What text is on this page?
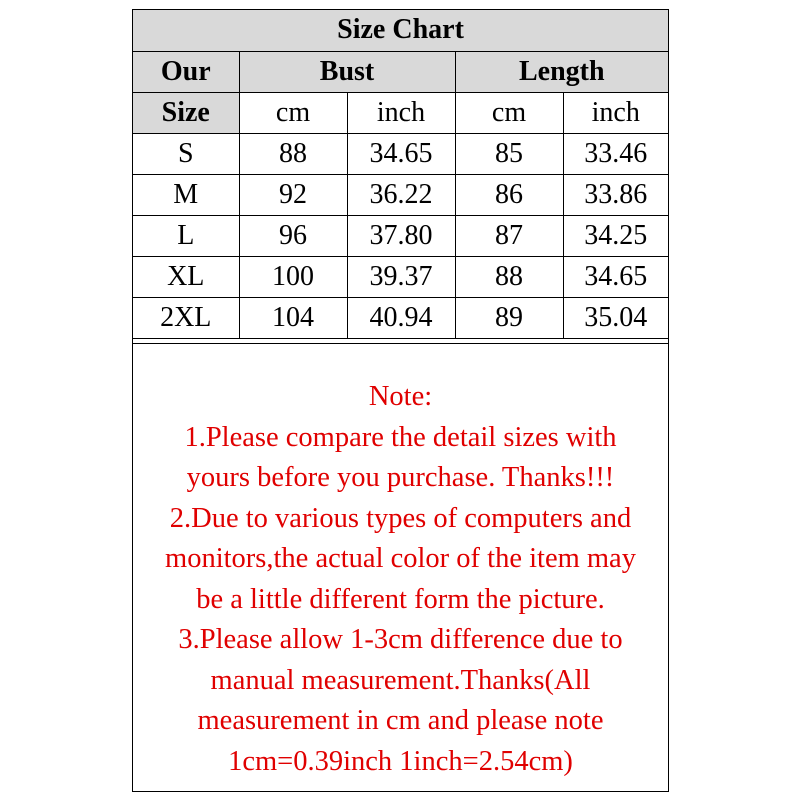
Size Chart				
Our	Bust		Length	
Size	cm	inch	cm	inch
S	88	34.65	85	33.46
M	92	36.22	86	33.86
L	96	37.80	87	34.25
XL	100	39.37	88	34.65
2XL	104	40.94	89	35.04
Note:
1.Please compare the detail sizes with
yours before you purchase. Thanks!!!
2.Due to various types of computers and
monitors,the actual color of the item may
be a little different form the picture.
3.Please allow 1-3cm difference due to
manual measurement.Thanks(All
measurement in cm and please note
1cm=0.39inch 1inch=2.54cm)
